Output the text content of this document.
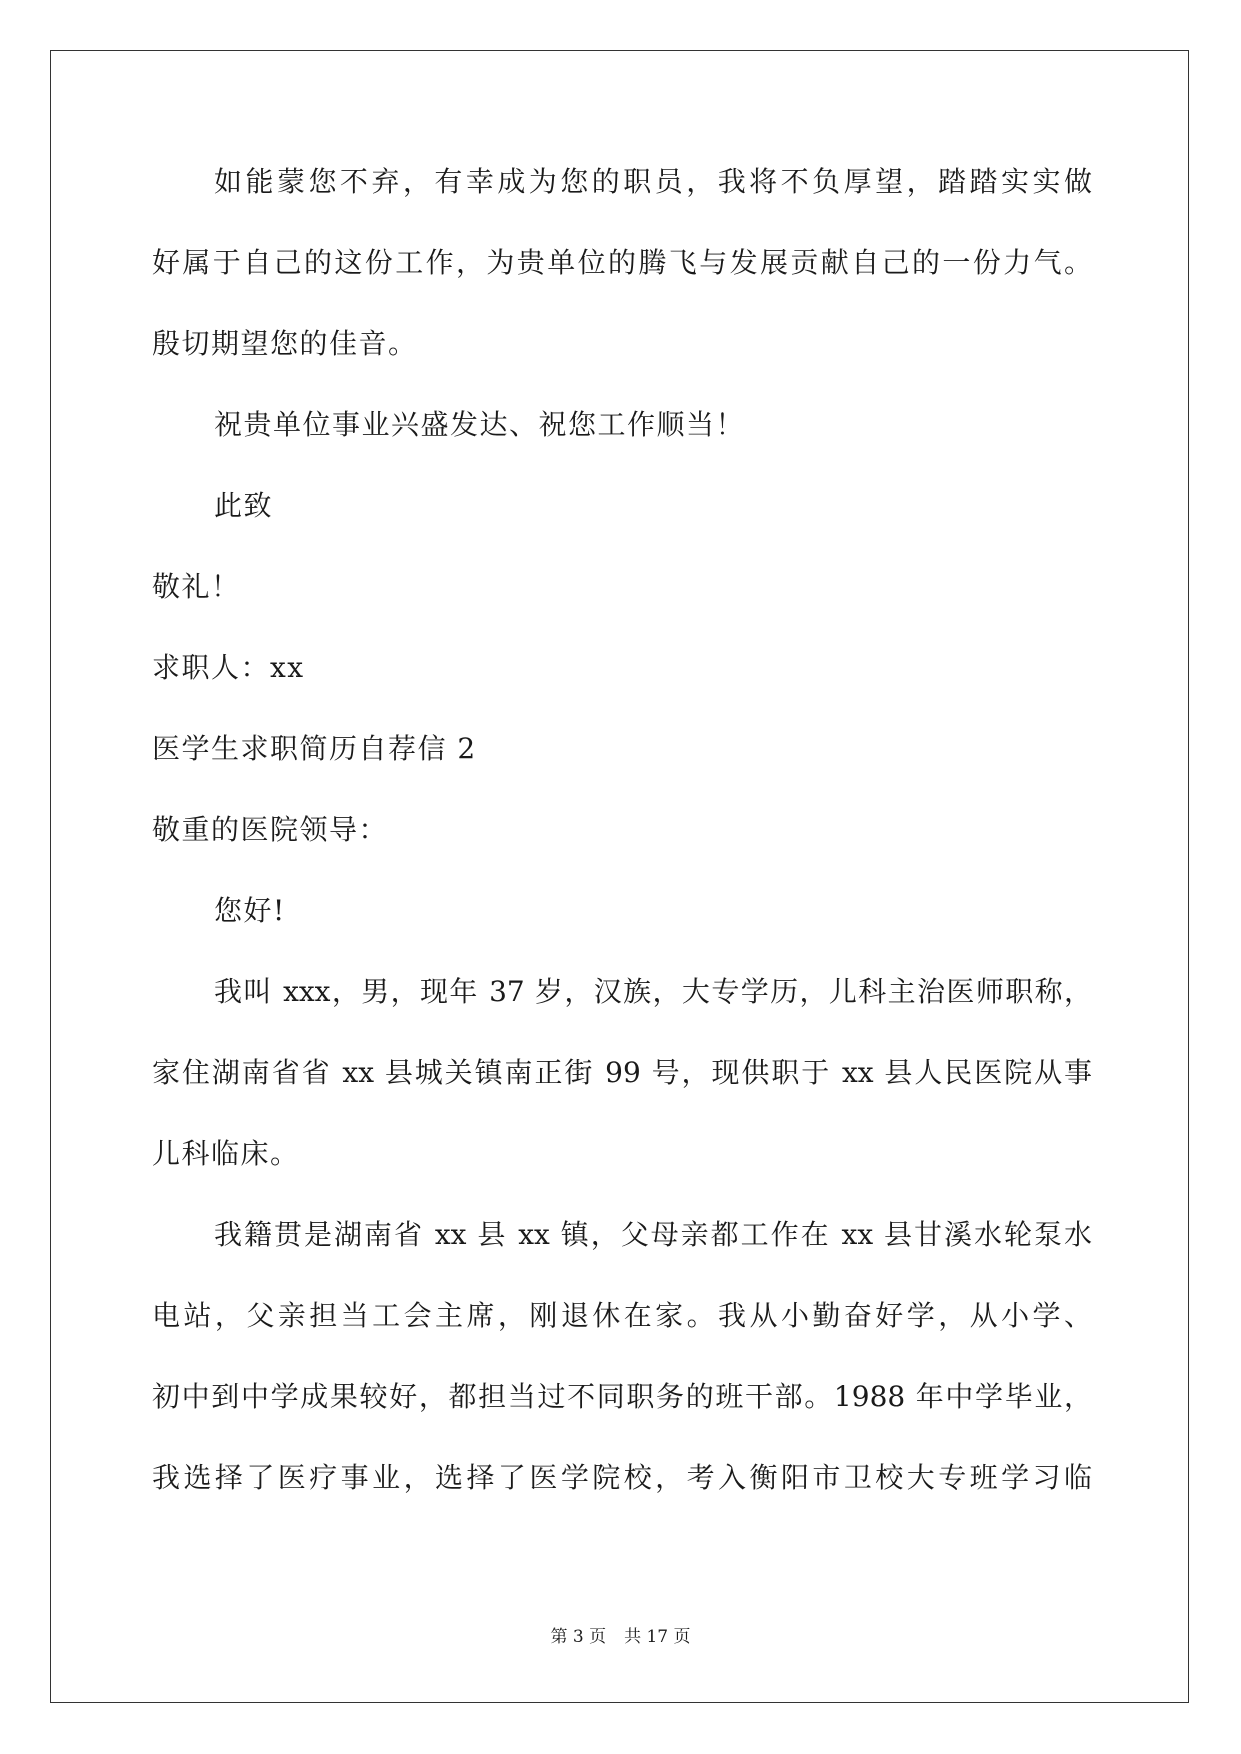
如能蒙您不弃，有幸成为您的职员，我将不负厚望，踏踏实实做
好属于自己的这份工作，为贵单位的腾飞与发展贡献自己的一份力气。
殷切期望您的佳音。
祝贵单位事业兴盛发达、祝您工作顺当！
此致
敬礼！
求职人：xx
医学生求职简历自荐信 2
敬重的医院领导：
您好!
我叫 xxx，男，现年 37 岁，汉族，大专学历，儿科主治医师职称，
家住湖南省省 xx 县城关镇南正街 99 号，现供职于 xx 县人民医院从事
儿科临床。
我籍贯是湖南省 xx 县 xx 镇，父母亲都工作在 xx 县甘溪水轮泵水
电站，父亲担当工会主席，刚退休在家。我从小勤奋好学，从小学、
初中到中学成果较好，都担当过不同职务的班干部。1988 年中学毕业，
我选择了医疗事业，选择了医学院校，考入衡阳市卫校大专班学习临
第 3 页 共 17 页
